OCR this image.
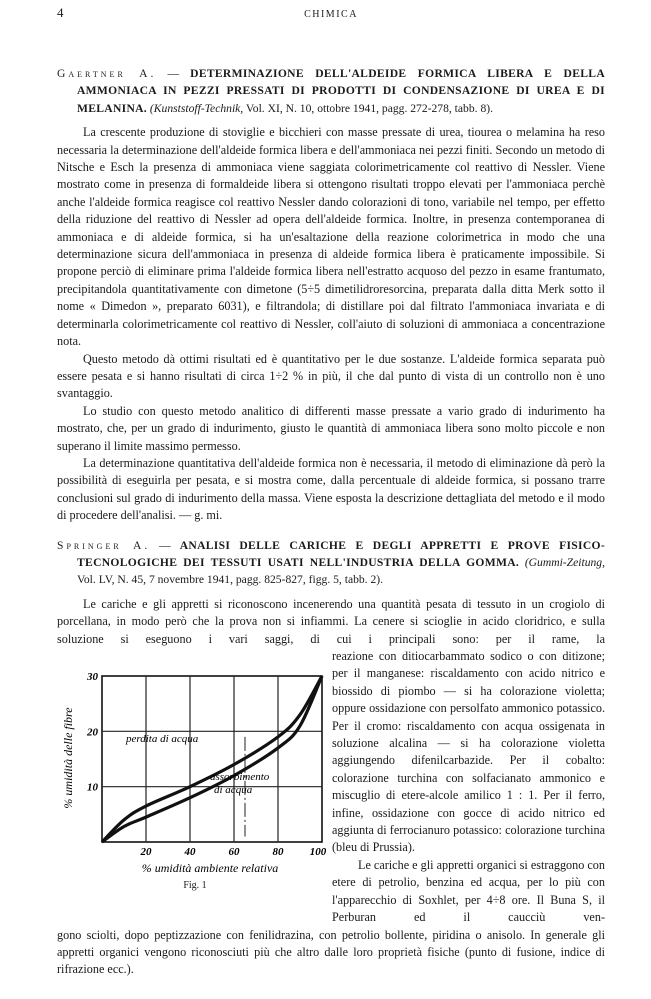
4	CHIMICA

Gaertner A. — DETERMINAZIONE DELL'ALDEIDE FORMICA LIBERA E DELLA AMMONIACA IN PEZZI PRESSATI DI PRODOTTI DI CONDENSAZIONE DI UREA E DI MELANINA. (Kunststoff-Technik, Vol. XI, N. 10, ottobre 1941, pagg. 272-278, tabb. 8).

La crescente produzione di stoviglie e bicchieri con masse pressate di urea, tiourea o melamina ha reso necessaria la determinazione dell'aldeide formica libera e dell'ammoniaca nei pezzi finiti. Secondo un metodo di Nitsche e Esch la presenza di ammoniaca viene saggiata colorimetricamente col reattivo di Nessler. Viene mostrato come in presenza di formaldeide libera si ottengono risultati troppo elevati per l'ammoniaca perchè anche l'aldeide formica reagisce col reattivo Nessler dando colorazioni di tono, variabile nel tempo, per effetto della riduzione del reattivo di Nessler ad opera dell'aldeide formica. Inoltre, in presenza contemporanea di ammoniaca e di aldeide formica, si ha un'esaltazione della reazione colorimetrica in modo che una determinazione sicura dell'ammoniaca in presenza di aldeide formica libera è praticamente impossibile. Si propone perciò di eliminare prima l'aldeide formica libera nell'estratto acquoso del pezzo in esame frantumato, precipitandola quantitativamente con dimetone (5÷5 dimetilidroresorcina, preparata dalla ditta Merk sotto il nome « Dimedon », preparato 6031), e filtrandola; di distillare poi dal filtrato l'ammoniaca invariata e di determinarla colorimetricamente col reattivo di Nessler, coll'aiuto di soluzioni di ammoniaca a concentrazione nota.

Questo metodo dà ottimi risultati ed è quantitativo per le due sostanze. L'aldeide formica separata può essere pesata e si hanno risultati di circa 1÷2 % in più, il che dal punto di vista di un controllo non è uno svantaggio.

Lo studio con questo metodo analitico di differenti masse pressate a vario grado di indurimento ha mostrato, che, per un grado di indurimento, giusto le quantità di ammoniaca libera sono molto piccole e non superano il limite massimo permesso.

La determinazione quantitativa dell'aldeide formica non è necessaria, il metodo di eliminazione dà però la possibilità di eseguirla per pesata, e si mostra come, dalla percentuale di aldeide formica, si possano trarre conclusioni sul grado di indurimento della massa. Viene esposta la descrizione dettagliata del metodo e il modo di procedere dell'analisi. — g. mi.

Springer A. — ANALISI DELLE CARICHE E DEGLI APPRETTI E PROVE FISICO-TECNOLOGICHE DEI TESSUTI USATI NELL'INDUSTRIA DELLA GOMMA. (Gummi-Zeitung, Vol. LV, N. 45, 7 novembre 1941, pagg. 825-827, figg. 5, tabb. 2).

Le cariche e gli appretti si riconoscono incenerendo una quantità pesata di tessuto in un crogiolo di porcellana, in modo però che la prova non si infiammi. La cenere si scioglie in acido cloridrico, e sulla soluzione si eseguono i vari saggi, di cui i principali sono: per il rame, la

20	40	60	80 100
10
20
30
% umidità ambiente relativa
% umidità delle fibre	perdita di acqua
assorbimento di acqua
Fig. 1

reazione con ditiocarbammato sodico o con ditizone; per il manganese: riscaldamento con acido nitrico e biossido di piombo — si ha colorazione violetta; oppure ossidazione con persolfato ammonico potassico. Per il cromo: riscaldamento con acqua ossigenata in soluzione alcalina — si ha colorazione violetta aggiungendo difenilcarbazide. Per il cobalto: colorazione turchina con solfacianato ammonico e miscuglio di etere-alcole amilico 1 : 1. Per il ferro, infine, ossidazione con gocce di acido nitrico ed aggiunta di ferrocianuro potassico: colorazione turchina (bleu di Prussia).

Le cariche e gli appretti organici si estraggono con etere di petrolio, benzina ed acqua, per lo più con l'apparecchio di Soxhlet, per 4÷8 ore. Il Buna S, il Perburan ed il caucciù ven-

gono sciolti, dopo peptizzazione con fenilidrazina, con petrolio bollente, piridina o anisolo. In generale gli appretti organici vengono riconosciuti più che altro dalle loro proprietà fisiche (punto di fusione, indice di rifrazione ecc.).
